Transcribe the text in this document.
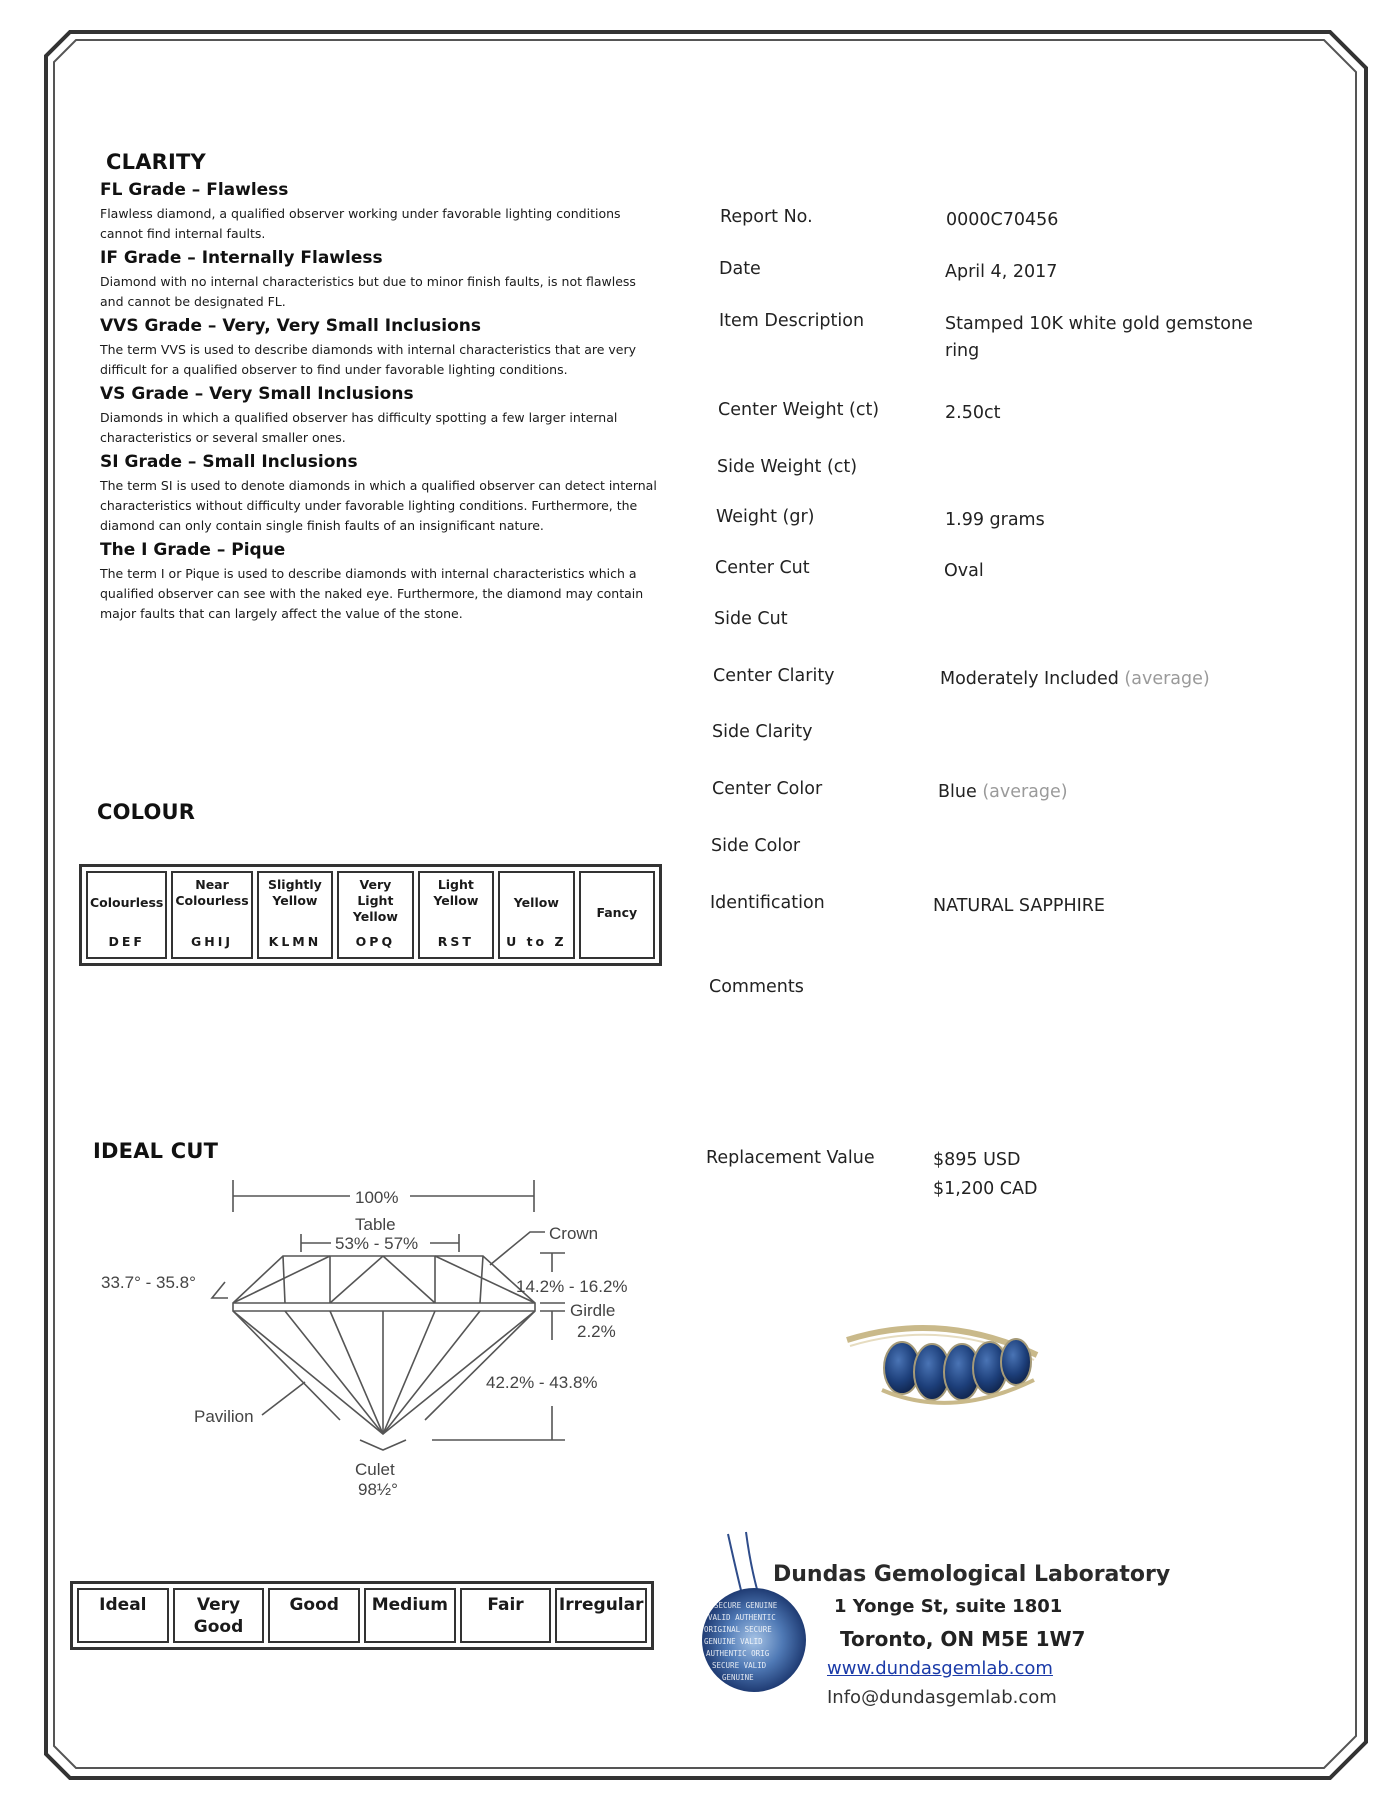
CLARITY
FL Grade – Flawless
Flawless diamond, a qualified observer working under favorable lighting conditions cannot find internal faults.
IF Grade – Internally Flawless
Diamond with no internal characteristics but due to minor finish faults, is not flawless and cannot be designated FL.
VVS Grade – Very, Very Small Inclusions
The term VVS is used to describe diamonds with internal characteristics that are very difficult for a qualified observer to find under favorable lighting conditions.
VS Grade – Very Small Inclusions
Diamonds in which a qualified observer has difficulty spotting a few larger internal characteristics or several smaller ones.
SI Grade – Small Inclusions
The term SI is used to denote diamonds in which a qualified observer can detect internal characteristics without difficulty under favorable lighting conditions. Furthermore, the diamond can only contain single finish faults of an insignificant nature.
The I Grade – Pique
The term I or Pique is used to describe diamonds with internal characteristics which a qualified observer can see with the naked eye. Furthermore, the diamond may contain major faults that can largely affect the value of the stone.
COLOUR
Colourless
DEF
Near Colourless
GHIJ
Slightly Yellow
KLMN
Very Light Yellow
OPQ
Light Yellow
RST
Yellow
U to Z
Fancy
Report No.	0000C70456
Date	April 4, 2017
Item Description	Stamped 10K white gold gemstone ring
Center Weight (ct)	2.50ct
Side Weight (ct)
Weight (gr)	1.99 grams
Center Cut	Oval
Side Cut
Center Clarity	Moderately Included (average)
Side Clarity
Center Color	Blue (average)
Side Color
Identification	NATURAL SAPPHIRE
Comments
Replacement Value	$895 USD
$1,200 CAD
IDEAL CUT
100%
Table
53% - 57%
Crown
33.7° - 35.8°	14.2% - 16.2%
Girdle
2.2%
42.2% - 43.8%
Pavilion
Culet
98½°
Ideal	Very Good
Good	Medium	Fair	Irregular	SECURE GENUINE
VALID AUTHENTIC
ORIGINAL SECURE
GENUINE VALID
AUTHENTIC ORIG
SECURE VALID
GENUINE
Dundas Gemological Laboratory
1 Yonge St, suite 1801
Toronto, ON M5E 1W7
www.dundasgemlab.com
Info@dundasgemlab.com
